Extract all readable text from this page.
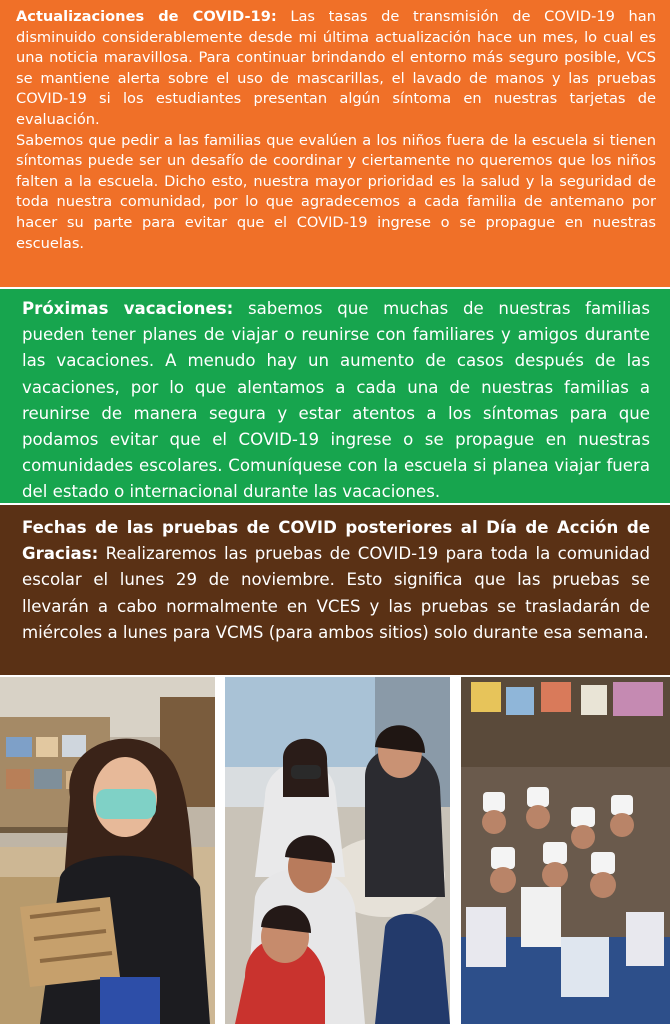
Actualizaciones de COVID-19: Las tasas de transmisión de COVID-19 han disminuido considerablemente desde mi última actualización hace un mes, lo cual es una noticia maravillosa. Para continuar brindando el entorno más seguro posible, VCS se mantiene alerta sobre el uso de mascarillas, el lavado de manos y las pruebas COVID-19 si los estudiantes presentan algún síntoma en nuestras tarjetas de evaluación.

Sabemos que pedir a las familias que evalúen a los niños fuera de la escuela si tienen síntomas puede ser un desafío de coordinar y ciertamente no queremos que los niños falten a la escuela. Dicho esto, nuestra mayor prioridad es la salud y la seguridad de toda nuestra comunidad, por lo que agradecemos a cada familia de antemano por hacer su parte para evitar que el COVID-19 ingrese o se propague en nuestras escuelas.

Próximas vacaciones: sabemos que muchas de nuestras familias pueden tener planes de viajar o reunirse con familiares y amigos durante las vacaciones. A menudo hay un aumento de casos después de las vacaciones, por lo que alentamos a cada una de nuestras familias a reunirse de manera segura y estar atentos a los síntomas para que podamos evitar que el COVID-19 ingrese o se propague en nuestras comunidades escolares. Comuníquese con la escuela si planea viajar fuera del estado o internacional durante las vacaciones.

Fechas de las pruebas de COVID posteriores al Día de Acción de Gracias: Realizaremos las pruebas de COVID-19 para toda la comunidad escolar el lunes 29 de noviembre. Esto significa que las pruebas se llevarán a cabo normalmente en VCES y las pruebas se trasladarán de miércoles a lunes para VCMS (para ambos sitios) solo durante esa semana.
